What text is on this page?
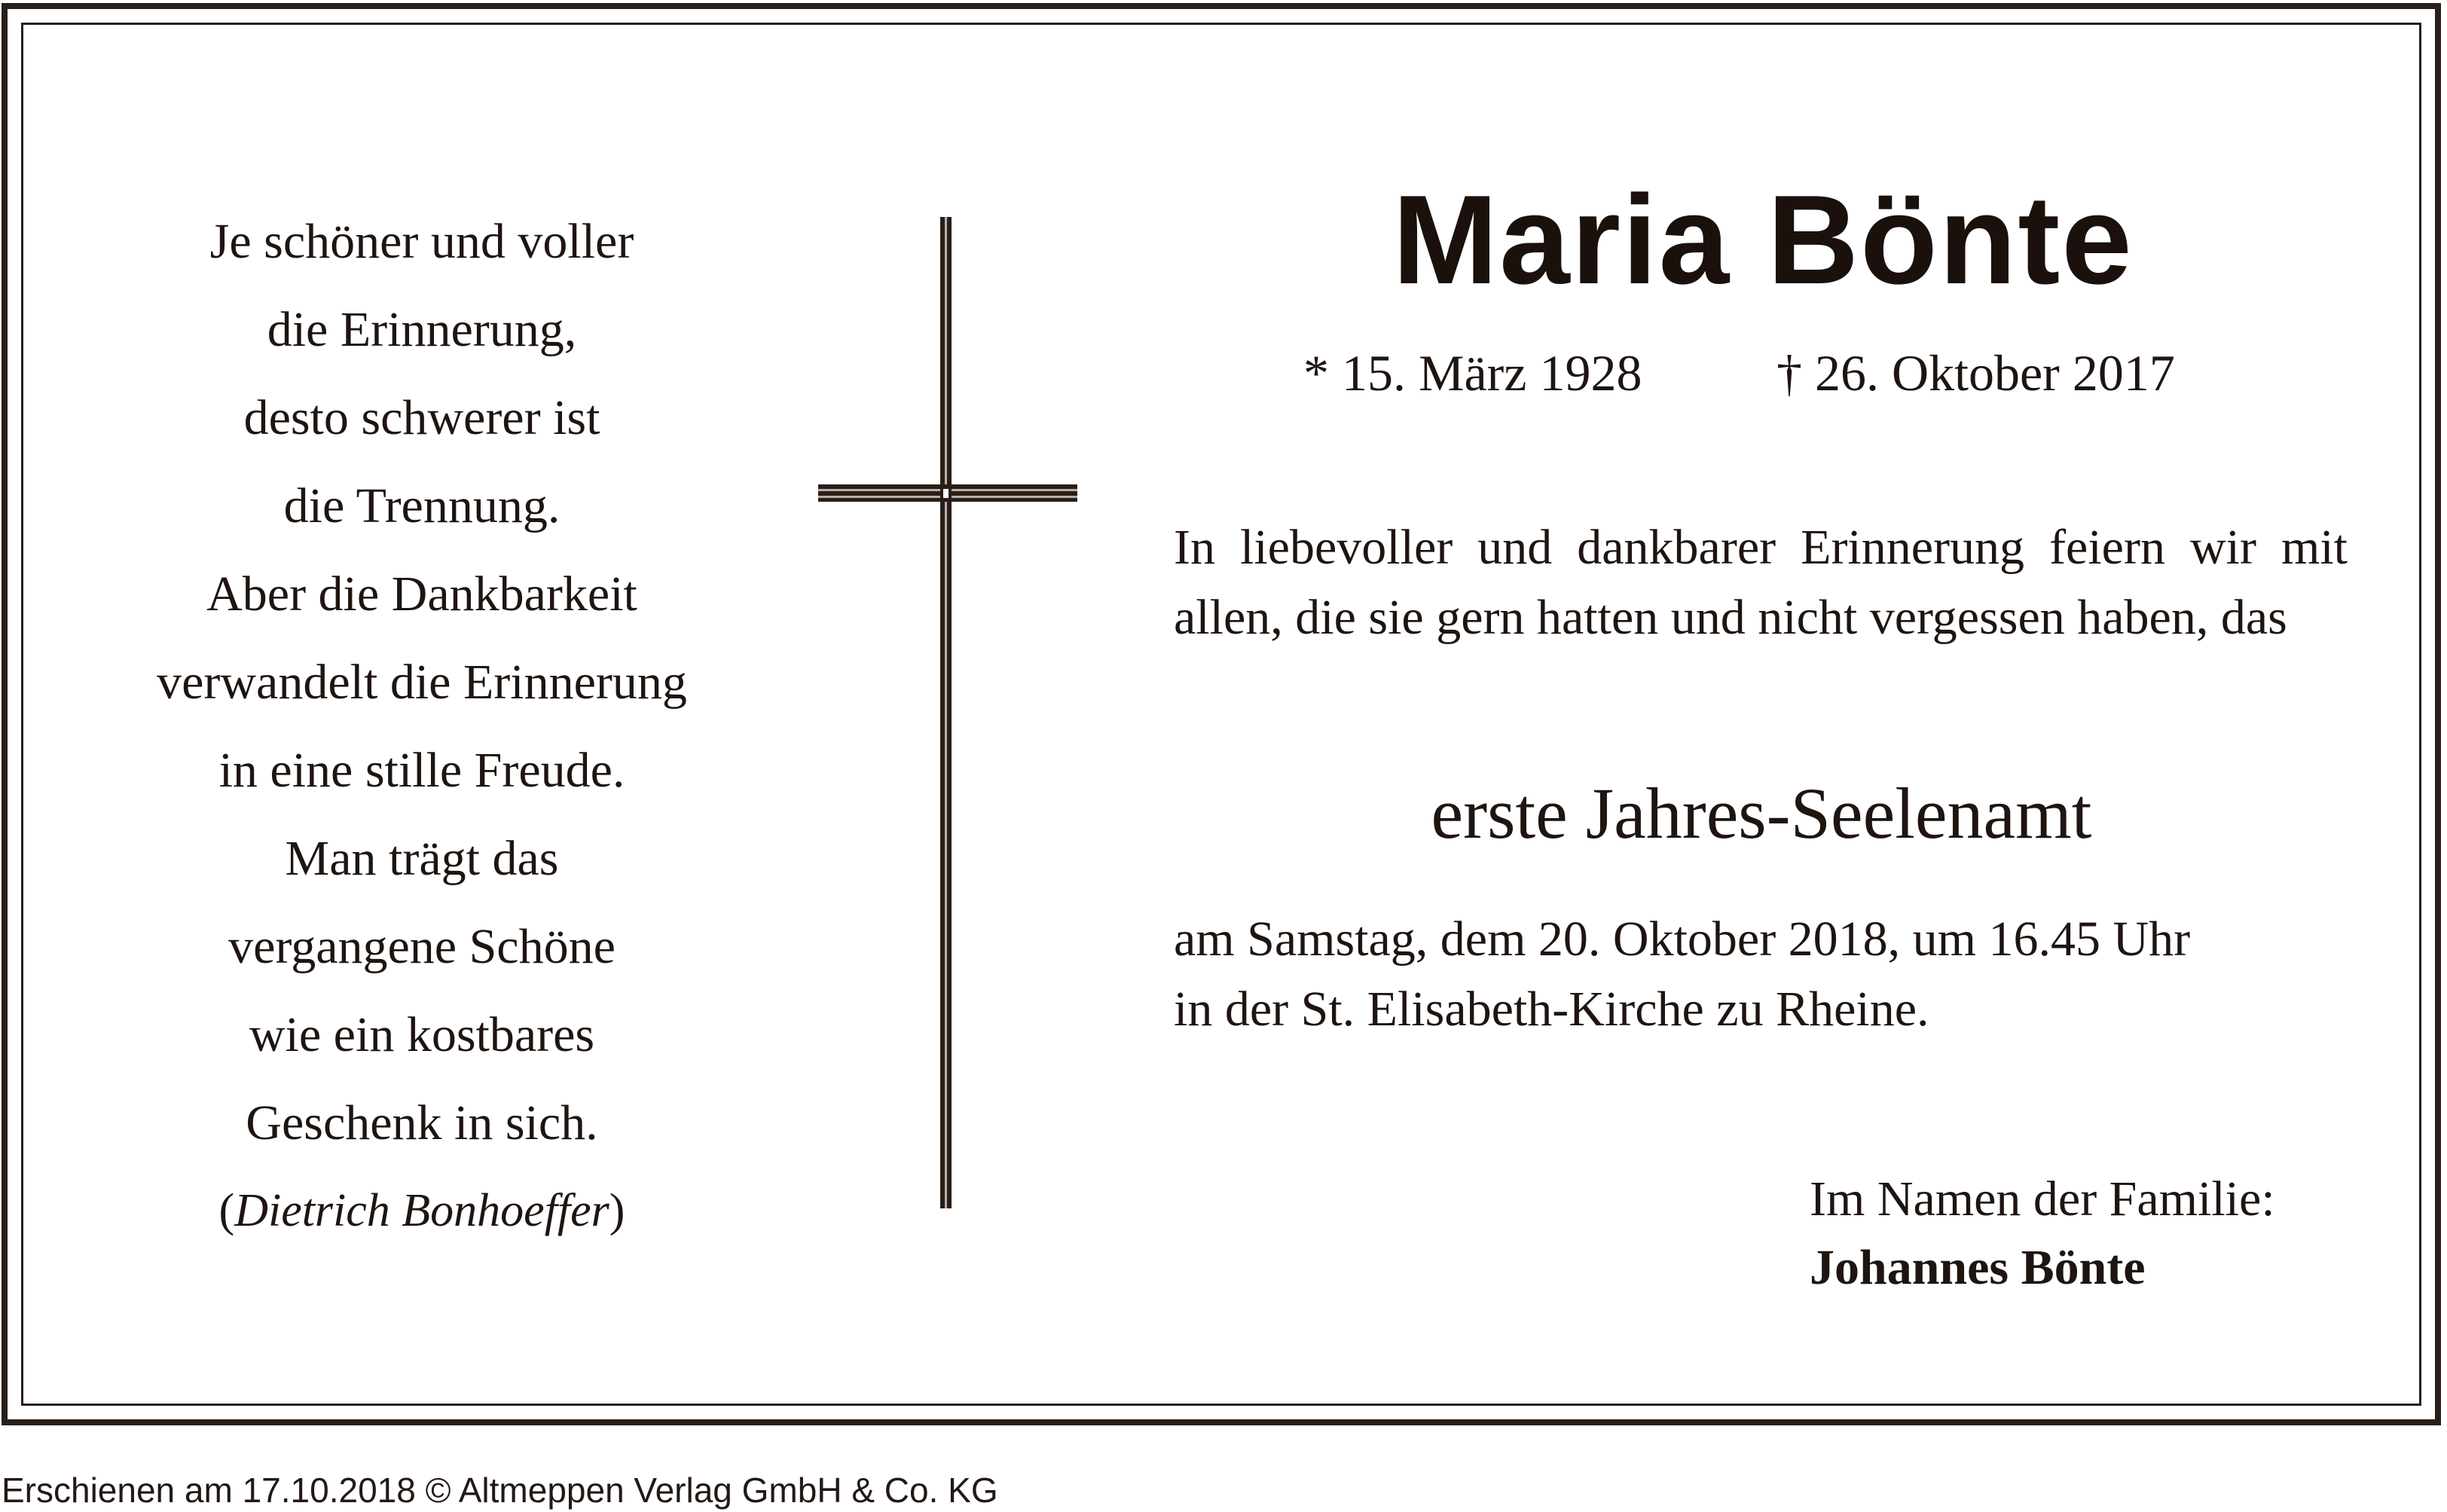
Je schöner und voller
die Erinnerung,
desto schwerer ist
die Trennung.
Aber die Dankbarkeit
verwandelt die Erinnerung
in eine stille Freude.
Man trägt das
vergangene Schöne
wie ein kostbares
Geschenk in sich.
(Dietrich Bonhoeffer)
Maria Bönte
* 15. März 1928	† 26. Oktober 2017
In liebevoller und dankbarer Erinnerung feiern wir mit allen, die sie gern hatten und nicht vergessen haben, das
erste Jahres-Seelenamt
am Samstag, dem 20. Oktober 2018, um 16.45 Uhr
in der St. Elisabeth-Kirche zu Rheine.
Im Namen der Familie:
Johannes Bönte
Erschienen am 17.10.2018 © Altmeppen Verlag GmbH & Co. KG
